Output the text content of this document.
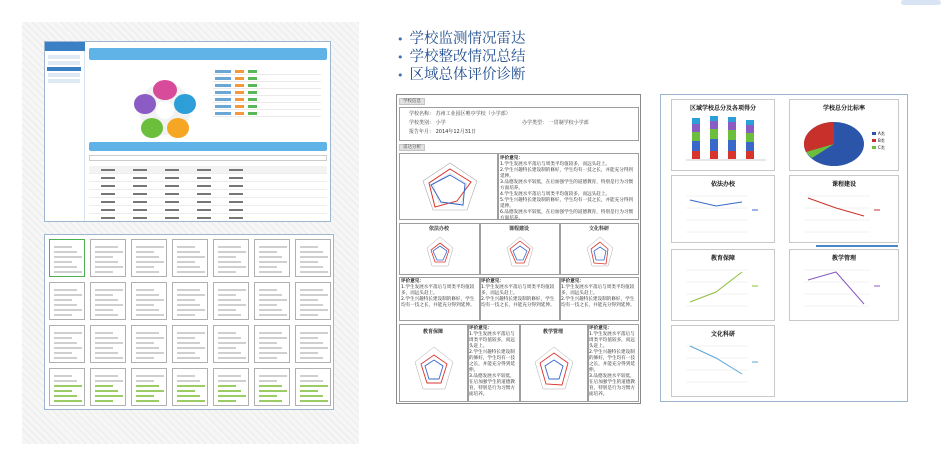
• 学校监测情况雷达
• 学校整改情况总结
• 区域总体评价诊断
学校信息
学校名称： 苏州工业园区唯亭学校（小学部）
学校类别： 小学	办学类型： 一贯制学校小学部
报告年月： 2014年12月31日
雷达分析
评价意见：
1.学生发展水平落后与周类平均值较多，而远头赶上。
2.学生兴趣特长建设制的修好，学生均有一技之长，并能充分得到延伸。
3.品德发展水平较低，在后加强学生的道德教育，特别是行为习惯方面培养。
4.学生发展水平落后与周类平均值较多，而远头赶上。
5.学生兴趣特长建设制的修好，学生均有一技之长，并能充分得到延伸。
6.品德发展水平较低，在后加强学生的道德教育，特别是行为习惯方面培养。
依法办校	课程建设	文化科研
评价意见：
1.学生发展水平落后与周类平均值较多，而远头赶上。
2.学生兴趣特长建设制的修好，学生均有一技之长，并能充分得到延伸。
评价意见：
1.学生发展水平落后与周类平均值较多，而远头赶上。
2.学生兴趣特长建设制的修好，学生均有一技之长，并能充分得到延伸。
评价意见：
1.学生发展水平落后与周类平均值较多，而远头赶上。
2.学生兴趣特长建设制的修好，学生均有一技之长，并能充分得到延伸。
教育保障	教学管理
评价意见：
1.学生发展水平落后与周类平均值较多，而远头赶上。
2.学生兴趣特长建设制的修好，学生均有一技之长，并能充分得到延伸。
3.品德发展水平较低，在后加强学生的道德教育，特别是行为习惯方面培养。
评价意见：
1.学生发展水平落后与周类平均值较多，而远头赶上。
2.学生兴趣特长建设制的修好，学生均有一技之长，并能充分得到延伸。
3.品德发展水平较低，在后加强学生的道德教育，特别是行为习惯方面培养。
区域学校总分及各项得分	学校总分比标率
A类
B类
C类
依法办校	课程建设
教育保障	教学管理
文化科研
